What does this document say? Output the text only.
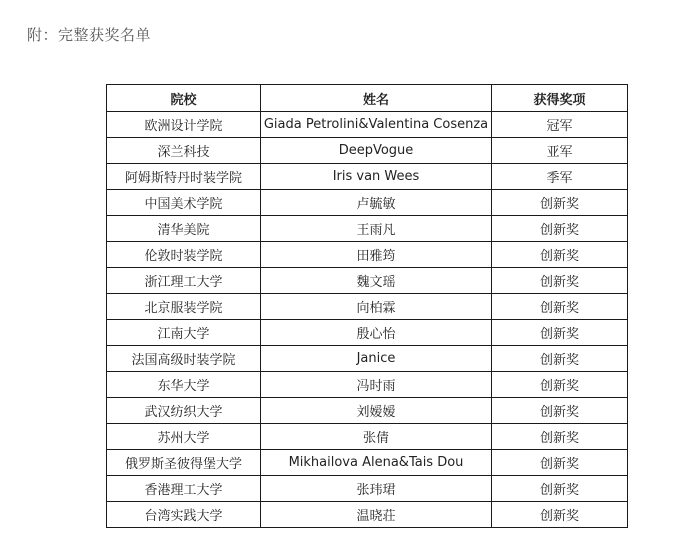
附：完整获奖名单
院校	姓名	获得奖项
欧洲设计学院	Giada Petrolini&Valentina Cosenza	冠军
深兰科技	DeepVogue	亚军
阿姆斯特丹时装学院	Iris van Wees	季军
中国美术学院	卢毓敏	创新奖
清华美院	王雨凡	创新奖
伦敦时装学院	田雅筠	创新奖
浙江理工大学	魏文瑶	创新奖
北京服装学院	向柏霖	创新奖
江南大学	殷心怡	创新奖
法国高级时装学院	Janice	创新奖
东华大学	冯时雨	创新奖
武汉纺织大学	刘嫒嫒	创新奖
苏州大学	张倩	创新奖
俄罗斯圣彼得堡大学	Mikhailova Alena&Tais Dou	创新奖
香港理工大学	张玮珺	创新奖
台湾实践大学	温晓荘	创新奖
